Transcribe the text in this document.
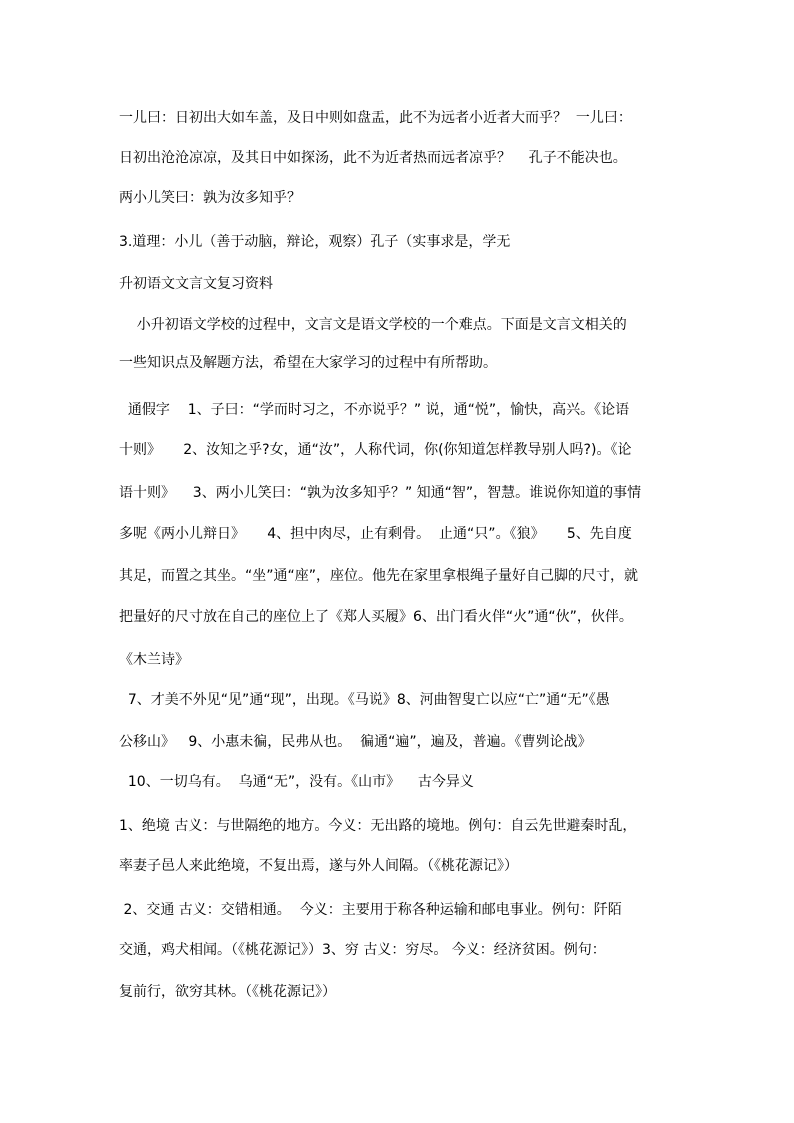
一儿曰：日初出大如车盖，及日中则如盘盂，此不为远者小近者大而乎？  一儿曰：
日初出沧沧凉凉，及其日中如探汤，此不为近者热而远者凉乎？    孔子不能决也。
两小儿笑曰：孰为汝多知乎？
3.道理：小儿（善于动脑，辩论，观察）孔子（实事求是，学无
升初语文文言文复习资料
小升初语文学校的过程中，文言文是语文学校的一个难点。下面是文言文相关的
一些知识点及解题方法，希望在大家学习的过程中有所帮助。
通假字    1、子曰：“学而时习之，不亦说乎？” 说，通“悦”，愉快，高兴。《论语
十则》     2、汝知之乎?女，通“汝”，人称代词，你(你知道怎样教导别人吗?)。《论
语十则》    3、两小儿笑曰：“孰为汝多知乎？” 知通“智”，智慧。谁说你知道的事情
多呢《两小儿辩日》     4、担中肉尽，止有剩骨。  止通“只”。《狼》     5、先自度
其足，而置之其坐。“坐”通“座”，座位。他先在家里拿根绳子量好自己脚的尺寸，就
把量好的尺寸放在自己的座位上了《郑人买履》6、出门看火伴“火”通“伙”，伙伴。
《木兰诗》
7、才美不外见“见”通“现”，出现。《马说》8、河曲智叟亡以应“亡”通“无”《愚
公移山》   9、小惠未徧，民弗从也。  徧通“遍”，遍及，普遍。《曹刿论战》
10、一切乌有。  乌通“无”，没有。《山市》    古今异义
1、绝境 古义：与世隔绝的地方。今义：无出路的境地。例句：自云先世避秦时乱，
率妻子邑人来此绝境，不复出焉，遂与外人间隔。（《桃花源记》）
2、交通 古义：交错相通。  今义：主要用于称各种运输和邮电事业。例句：阡陌
交通，鸡犬相闻。（《桃花源记》）3、穷 古义：穷尽。 今义：经济贫困。例句：
复前行，欲穷其林。（《桃花源记》）
